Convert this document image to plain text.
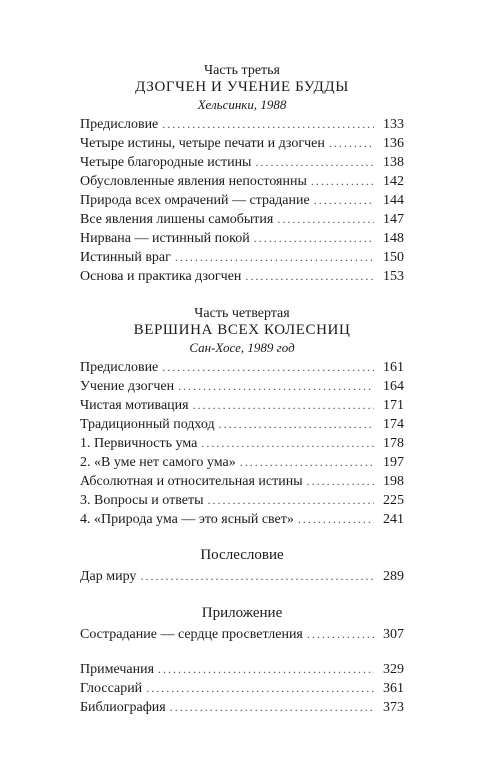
Часть третья
ДЗОГЧЕН И УЧЕНИЕ БУДДЫ
Хельсинки, 1988
Предисловие .....	133
Четыре истины, четыре печати и дзогчен .....	136
Четыре благородные истины .....	138
Обусловленные явления непостоянны .....	142
Природа всех омрачений — страдание .....	144
Все явления лишены самобытия .....	147
Нирвана — истинный покой .....	148
Истинный враг .....	150
Основа и практика дзогчен .....	153
Часть четвертая
ВЕРШИНА ВСЕХ КОЛЕСНИЦ
Сан-Хосе, 1989 год
Предисловие .....	161
Учение дзогчен .....	164
Чистая мотивация .....	171
Традиционный подход .....	174
1. Первичность ума .....	178
2. «В уме нет самого ума» .....	197
Абсолютная и относительная истины .....	198
3. Вопросы и ответы .....	225
4. «Природа ума — это ясный свет» .....	241
Послесловие
Дар миру .....	289
Приложение
Сострадание — сердце просветления .....	307
Примечания .....	329
Глоссарий .....	361
Библиография .....	373
